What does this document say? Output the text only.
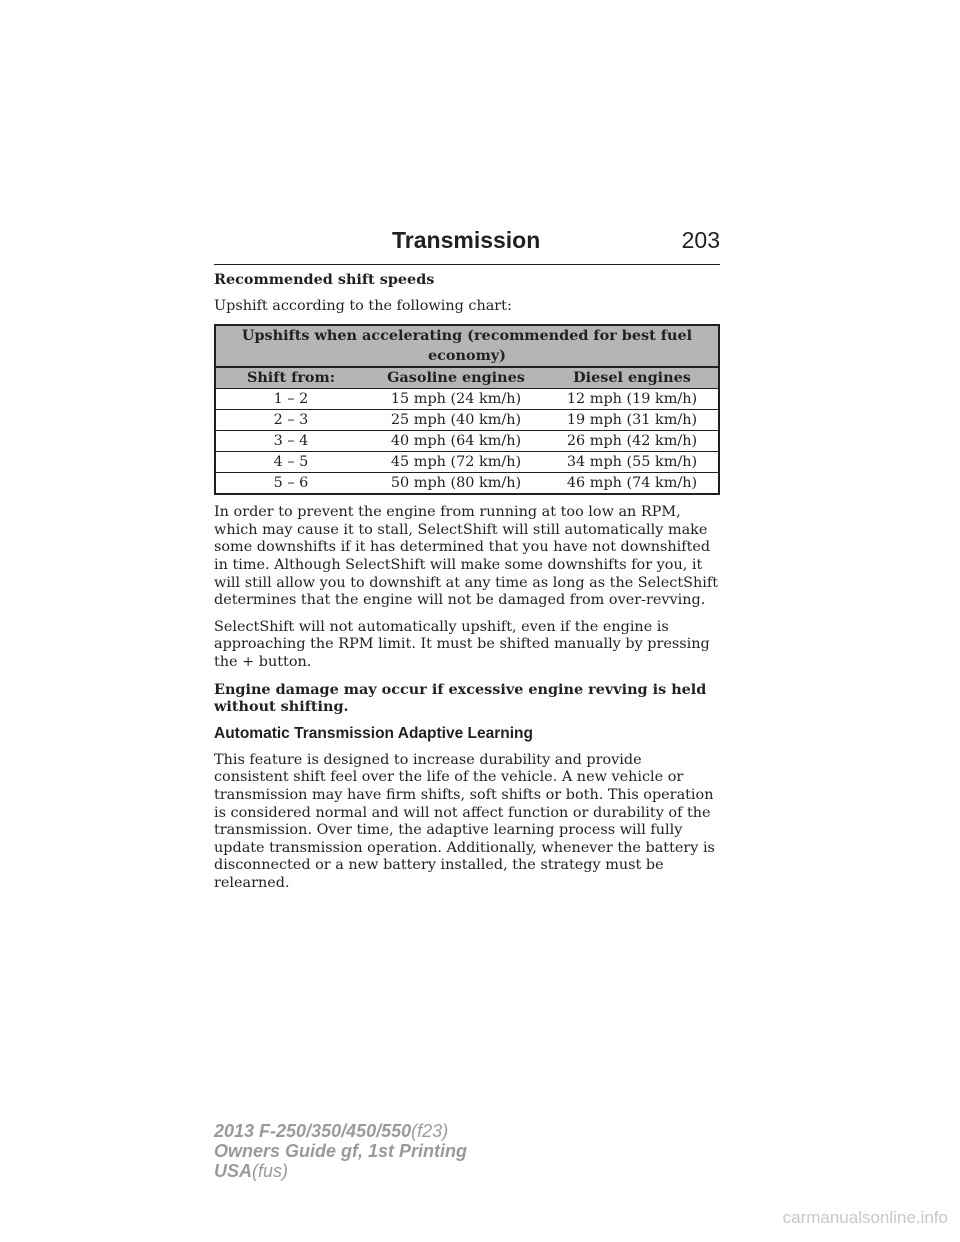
Transmission	203

Recommended shift speeds

Upshift according to the following chart:

Upshifts when accelerating (recommended for best fuel economy)		
Shift from:	Gasoline engines	Diesel engines
1 – 2	15 mph (24 km/h)	12 mph (19 km/h)
2 – 3	25 mph (40 km/h)	19 mph (31 km/h)
3 – 4	40 mph (64 km/h)	26 mph (42 km/h)
4 – 5	45 mph (72 km/h)	34 mph (55 km/h)
5 – 6	50 mph (80 km/h)	46 mph (74 km/h)

In order to prevent the engine from running at too low an RPM, which may cause it to stall, SelectShift will still automatically make some downshifts if it has determined that you have not downshifted in time. Although SelectShift will make some downshifts for you, it will still allow you to downshift at any time as long as the SelectShift determines that the engine will not be damaged from over-revving.

SelectShift will not automatically upshift, even if the engine is approaching the RPM limit. It must be shifted manually by pressing the + button.

Engine damage may occur if excessive engine revving is held without shifting.

Automatic Transmission Adaptive Learning

This feature is designed to increase durability and provide consistent shift feel over the life of the vehicle. A new vehicle or transmission may have firm shifts, soft shifts or both. This operation is considered normal and will not affect function or durability of the transmission. Over time, the adaptive learning process will fully update transmission operation. Additionally, whenever the battery is disconnected or a new battery installed, the strategy must be relearned.

2013 F-250/350/450/550(f23)
Owners Guide gf, 1st Printing
USA(fus)
carmanualsonline.info
